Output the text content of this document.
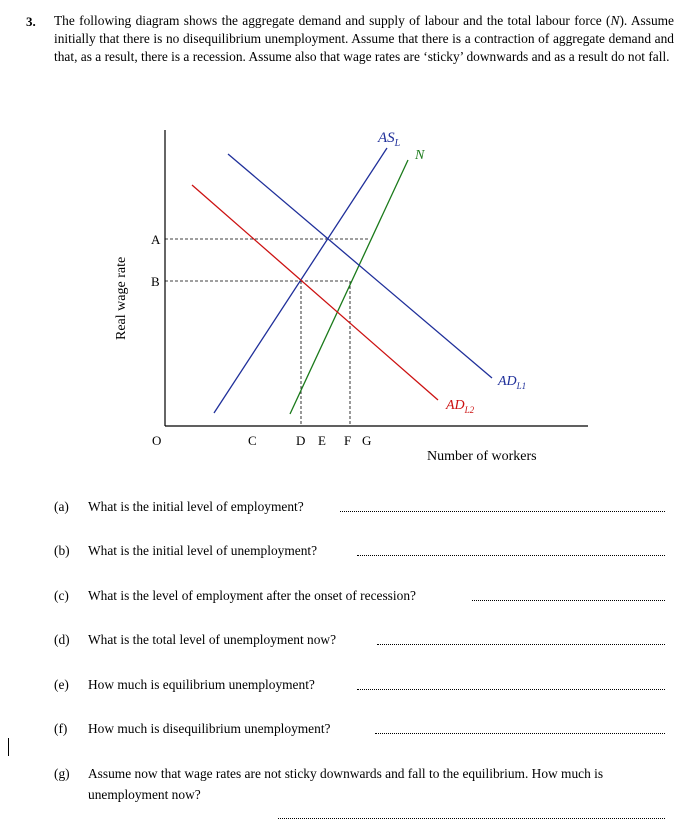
3. The following diagram shows the aggregate demand and supply of labour and the total labour force (N). Assume initially that there is no disequilibrium unemployment. Assume that there is a contraction of aggregate demand and that, as a result, there is a recession. Assume also that wage rates are ‘sticky’ downwards and as a result do not fall.
$AS_L$
N
$AD_{L1}$
$AD_{L2}$
A
B
O	C	D E F G
Real wage rate
Number of workers
(a) What is the initial level of employment?
(b) What is the initial level of unemployment?
(c) What is the level of employment after the onset of recession?
(d) What is the total level of unemployment now?
(e) How much is equilibrium unemployment?
(f) How much is disequilibrium unemployment?
(g) Assume now that wage rates are not sticky downwards and fall to the equilibrium. How much is unemployment now?
